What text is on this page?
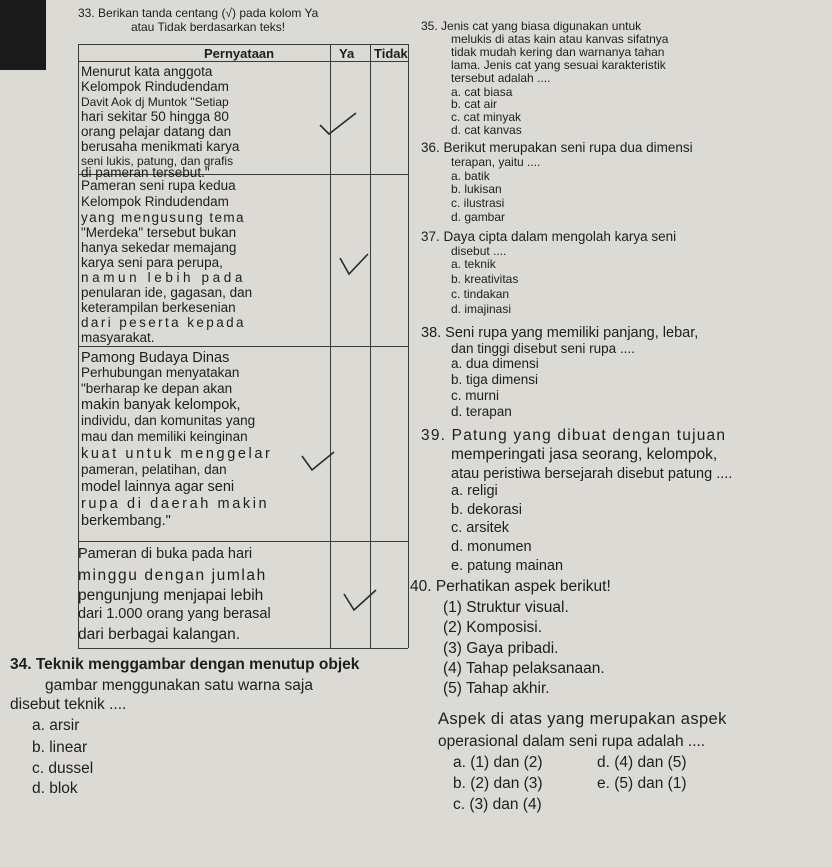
33. Berikan tanda centang (√) pada kolom Ya
atau Tidak berdasarkan teks!
Pernyataan	Ya Tidak
Menurut kata anggota
Kelompok Rindudendam
Davit Aok dj Muntok "Setiap
hari sekitar 50 hingga 80
orang pelajar datang dan
berusaha menikmati karya
seni lukis, patung, dan grafis
di pameran tersebut."
Pameran seni rupa kedua
Kelompok Rindudendam
yang mengusung tema
"Merdeka" tersebut bukan
hanya sekedar memajang
karya seni para perupa,
namun lebih pada
penularan ide, gagasan, dan
keterampilan berkesenian
dari peserta kepada
masyarakat.
Pamong Budaya Dinas
Perhubungan menyatakan
"berharap ke depan akan
makin banyak kelompok,
individu, dan komunitas yang
mau dan memiliki keinginan
kuat untuk menggelar
pameran, pelatihan, dan
model lainnya agar seni
rupa di daerah makin
berkembang."
Pameran di buka pada hari
minggu dengan jumlah
pengunjung menjapai lebih
dari 1.000 orang yang berasal
dari berbagai kalangan.
34. Teknik menggambar dengan menutup objek
gambar menggunakan satu warna saja
disebut teknik ....
a. arsir
b. linear
c. dussel
d. blok
35. Jenis cat yang biasa digunakan untuk
melukis di atas kain atau kanvas sifatnya
tidak mudah kering dan warnanya tahan
lama. Jenis cat yang sesuai karakteristik
tersebut adalah ....
a. cat biasa
b. cat air
c. cat minyak
d. cat kanvas
36. Berikut merupakan seni rupa dua dimensi
terapan, yaitu ....
a. batik
b. lukisan
c. ilustrasi
d. gambar
37. Daya cipta dalam mengolah karya seni
disebut ....
a. teknik
b. kreativitas
c. tindakan
d. imajinasi
38. Seni rupa yang memiliki panjang, lebar,
dan tinggi disebut seni rupa ....
a. dua dimensi
b. tiga dimensi
c. murni
d. terapan
39. Patung yang dibuat dengan tujuan
memperingati jasa seorang, kelompok,
atau peristiwa bersejarah disebut patung ....
a. religi
b. dekorasi
c. arsitek
d. monumen
e. patung mainan
40. Perhatikan aspek berikut!
(1) Struktur visual.
(2) Komposisi.
(3) Gaya pribadi.
(4) Tahap pelaksanaan.
(5) Tahap akhir.
Aspek di atas yang merupakan aspek
operasional dalam seni rupa adalah ....
a. (1) dan (2)
b. (2) dan (3)
c. (3) dan (4)
d. (4) dan (5)
e. (5) dan (1)
